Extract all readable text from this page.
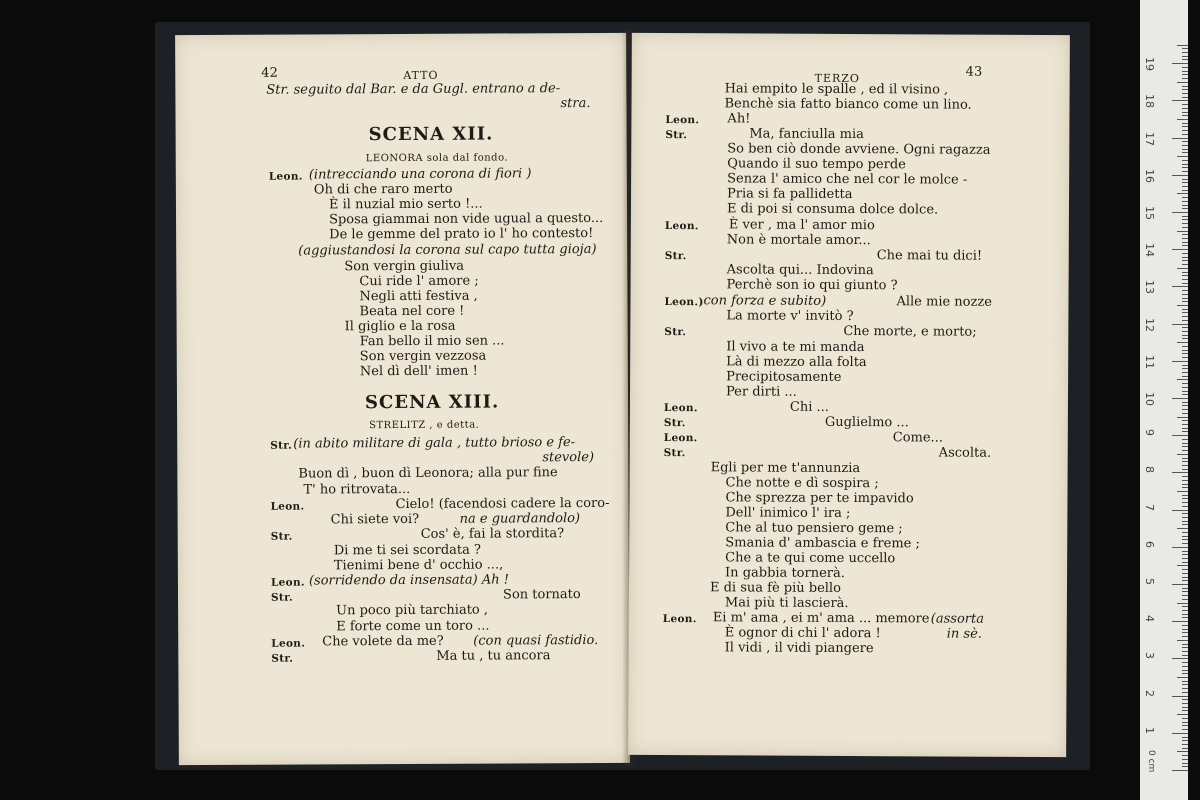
42	ATTO
Str. seguito dal Bar. e da Gugl. entrano a de-
stra.
SCENA XII.
LEONORA sola dal fondo.
Leon. (intrecciando una corona di fiori )
Oh di che raro merto
È il nuzial mio serto !...
Sposa giammai non vide ugual a questo...
De le gemme del prato io l' ho contesto!
(aggiustandosi la corona sul capo tutta gioja)
Son vergin giuliva
Cui ride l' amore ;
Negli atti festiva ,
Beata nel core !
Il giglio e la rosa
Fan bello il mio sen ...
Son vergin vezzosa
Nel dì dell' imen !
SCENA XIII.
STRELITZ , e detta.
Str. (in abito militare di gala , tutto brioso e fe-
stevole)
Buon dì , buon dì Leonora; alla pur fine
T' ho ritrovata...
Leon.	Cielo! (facendosi cadere la coro-
Chi siete voi?	na e guardandolo)
Str.	Cos' è, fai la stordita?
Di me ti sei scordata ?
Tienimi bene d' occhio ...,
Leon. (sorridendo da insensata) Ah !
Str.	Son tornato
Un poco più tarchiato ,
E forte come un toro ...
Leon. Che volete da me? (con quasi fastidio.
Str.	Ma tu , tu ancora
TERZO	43
Hai empito le spalle , ed il visino ,
Benchè sia fatto bianco come un lino.
Leon. Ah!
Str.	Ma, fanciulla mia
So ben ciò donde avviene. Ogni ragazza
Quando il suo tempo perde
Senza l' amico che nel cor le molce -
Pria si fa pallidetta
E di poi si consuma dolce dolce.
Leon. È ver , ma l' amor mio
Non è mortale amor...
Str.	Che mai tu dici!
Ascolta qui... Indovina
Perchè son io qui giunto ?
Leon.) con forza e subito)	Alle mie nozze
La morte v' invitò ?
Str.	Che morte, e morto;
Il vivo a te mi manda
Là di mezzo alla folta
Precipitosamente
Per dirti ...
Leon.	Chi ...
Str.	Guglielmo ...
Leon.	Come...
Str.	Ascolta.
Egli per me t'annunzia
Che notte e dì sospira ;
Che sprezza per te impavido
Dell' inimico l' ira ;
Che al tuo pensiero geme ;
Smania d' ambascia e freme ;
Che a te qui come uccello
In gabbia tornerà.
E di sua fè più bello
Mai più ti lascierà.
Leon. Ei m' ama , ei m' ama ... memore (assorta
È ognor di chi l' adora !	in sè.
Il vidi , il vidi piangere
0 cm
1
2
3
4
5
6
7
8
9
10
11
12
13
14
15
16
17
18
19
